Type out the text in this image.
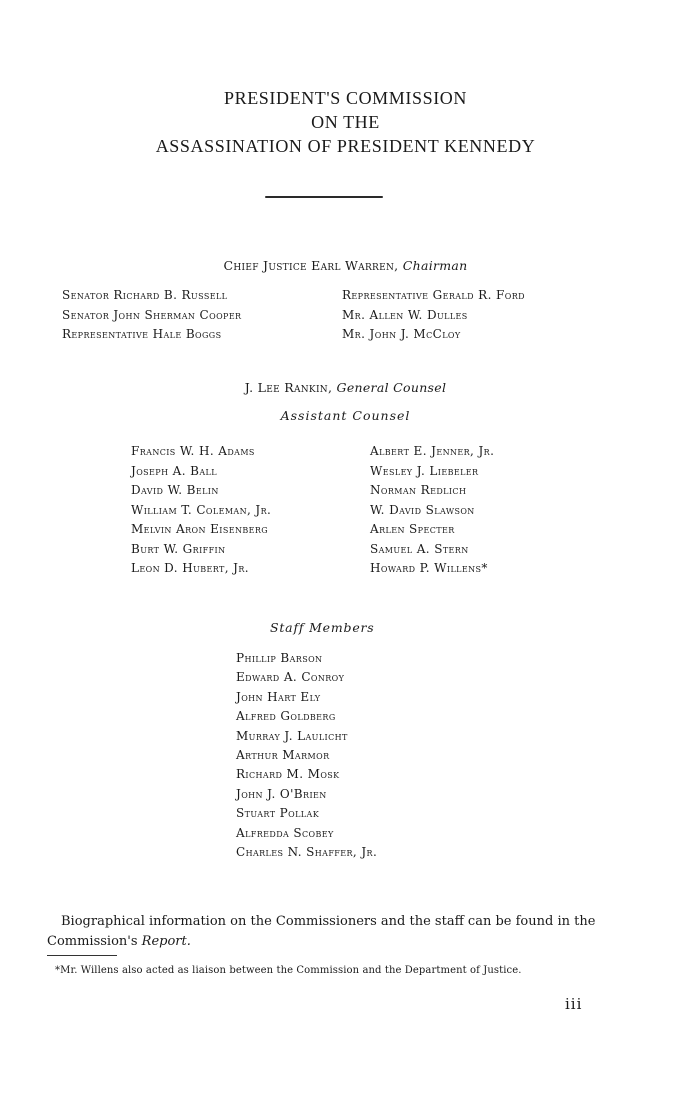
PRESIDENT'S COMMISSION
ON THE
ASSASSINATION OF PRESIDENT KENNEDY
Chief Justice Earl Warren, Chairman
Senator Richard B. Russell
Senator John Sherman Cooper
Representative Hale Boggs
Representative Gerald R. Ford
Mr. Allen W. Dulles
Mr. John J. McCloy
J. Lee Rankin, General Counsel
Assistant Counsel
Francis W. H. Adams
Joseph A. Ball
David W. Belin
William T. Coleman, Jr.
Melvin Aron Eisenberg
Burt W. Griffin
Leon D. Hubert, Jr.
Albert E. Jenner, Jr.
Wesley J. Liebeler
Norman Redlich
W. David Slawson
Arlen Specter
Samuel A. Stern
Howard P. Willens*
Staff Members
Phillip Barson
Edward A. Conroy
John Hart Ely
Alfred Goldberg
Murray J. Laulicht
Arthur Marmor
Richard M. Mosk
John J. O'Brien
Stuart Pollak
Alfredda Scobey
Charles N. Shaffer, Jr.
Biographical information on the Commissioners and the staff can be found in the Commission's Report.
*Mr. Willens also acted as liaison between the Commission and the Department of Justice.
iii
